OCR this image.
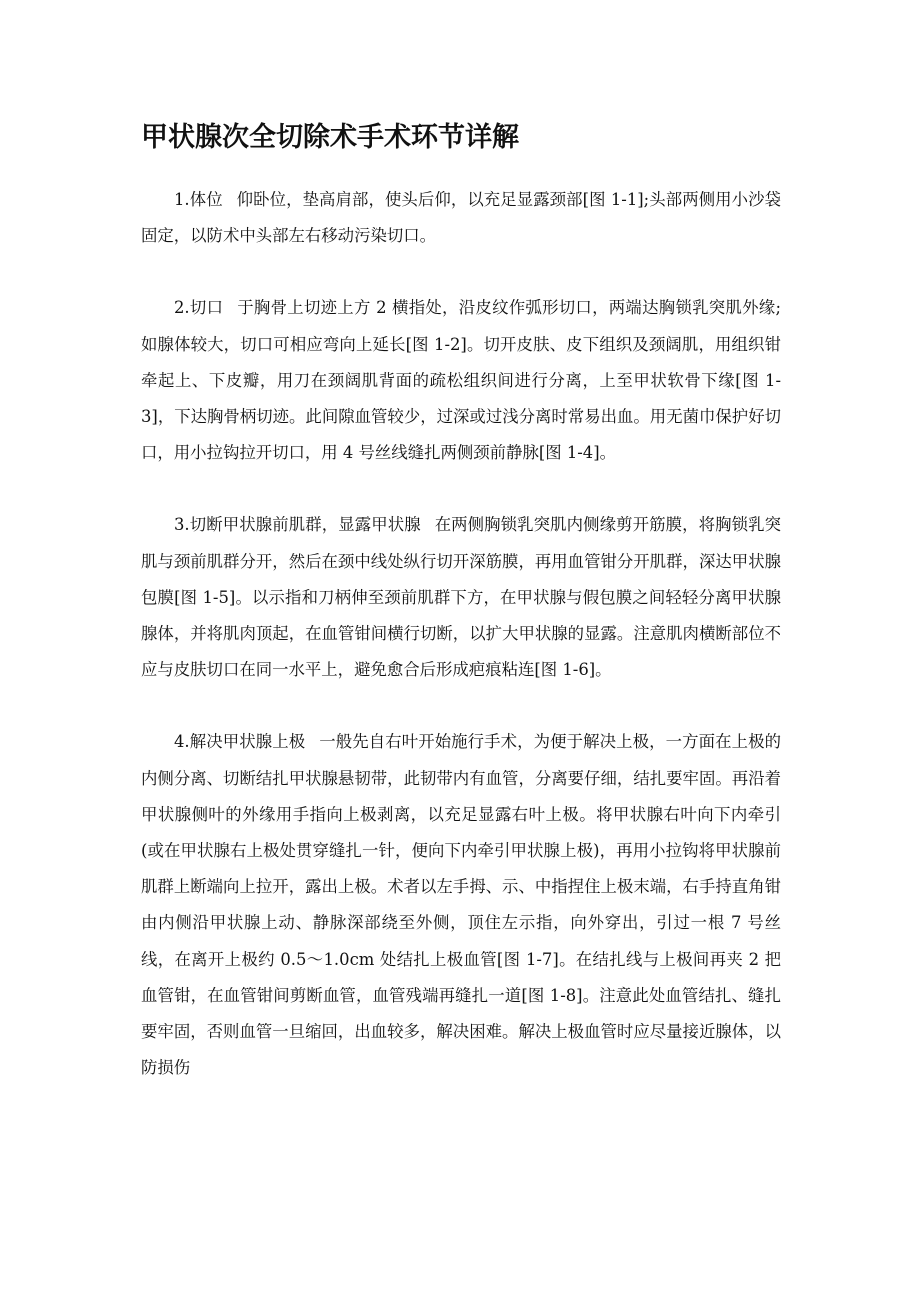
甲状腺次全切除术手术环节详解

1.体位 仰卧位，垫高肩部，使头后仰，以充足显露颈部[图 1-1];头部两侧用小沙袋固定，以防术中头部左右移动污染切口。

2.切口 于胸骨上切迹上方 2 横指处，沿皮纹作弧形切口，两端达胸锁乳突肌外缘;如腺体较大，切口可相应弯向上延长[图 1-2]。切开皮肤、皮下组织及颈阔肌，用组织钳牵起上、下皮瓣，用刀在颈阔肌背面的疏松组织间进行分离，上至甲状软骨下缘[图 1-3]，下达胸骨柄切迹。此间隙血管较少，过深或过浅分离时常易出血。用无菌巾保护好切口，用小拉钩拉开切口，用 4 号丝线缝扎两侧颈前静脉[图 1-4]。

3.切断甲状腺前肌群，显露甲状腺 在两侧胸锁乳突肌内侧缘剪开筋膜，将胸锁乳突肌与颈前肌群分开，然后在颈中线处纵行切开深筋膜，再用血管钳分开肌群，深达甲状腺包膜[图 1-5]。以示指和刀柄伸至颈前肌群下方，在甲状腺与假包膜之间轻轻分离甲状腺腺体，并将肌肉顶起，在血管钳间横行切断，以扩大甲状腺的显露。注意肌肉横断部位不应与皮肤切口在同一水平上，避免愈合后形成疤痕粘连[图 1-6]。

4.解决甲状腺上极 一般先自右叶开始施行手术，为便于解决上极，一方面在上极的内侧分离、切断结扎甲状腺悬韧带，此韧带内有血管，分离要仔细，结扎要牢固。再沿着甲状腺侧叶的外缘用手指向上极剥离，以充足显露右叶上极。将甲状腺右叶向下内牵引(或在甲状腺右上极处贯穿缝扎一针，便向下内牵引甲状腺上极)，再用小拉钩将甲状腺前肌群上断端向上拉开，露出上极。术者以左手拇、示、中指捏住上极末端，右手持直角钳由内侧沿甲状腺上动、静脉深部绕至外侧，顶住左示指，向外穿出，引过一根 7 号丝线，在离开上极约 0.5～1.0cm 处结扎上极血管[图 1-7]。在结扎线与上极间再夹 2 把血管钳，在血管钳间剪断血管，血管残端再缝扎一道[图 1-8]。注意此处血管结扎、缝扎要牢固，否则血管一旦缩回，出血较多，解决困难。解决上极血管时应尽量接近腺体，以防损伤
